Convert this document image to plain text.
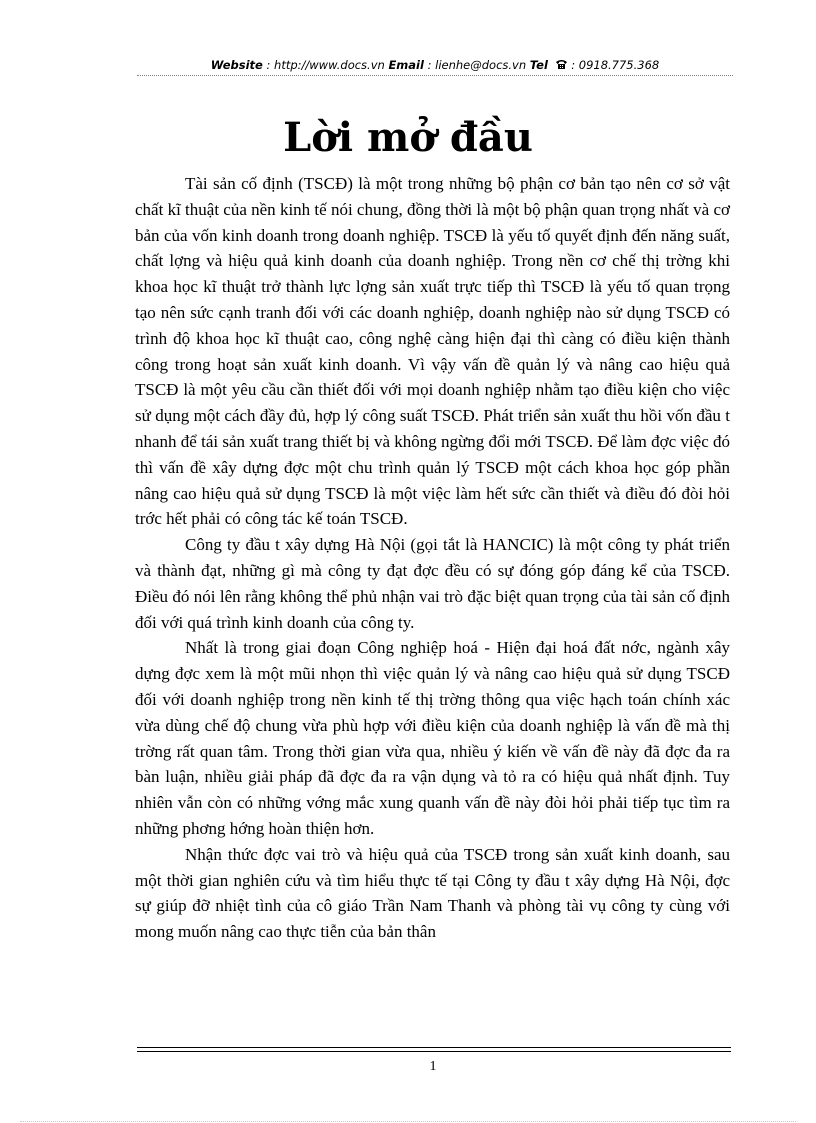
Website : http://www.docs.vn Email : lienhe@docs.vn Tel  : 0918.775.368
Lời mở đầu

Tài sản cố định (TSCĐ) là một trong những bộ phận cơ bản tạo nên cơ sở vật chất kĩ thuật của nền kinh tế nói chung, đồng thời là một bộ phận quan trọng nhất và cơ bản của vốn kinh doanh trong doanh nghiệp. TSCĐ là yếu tố quyết định đến năng suất, chất lợng và hiệu quả kinh doanh của doanh nghiệp. Trong nền cơ chế thị trờng khi khoa học kĩ thuật trở thành lực lợng sản xuất trực tiếp thì TSCĐ là yếu tố quan trọng tạo nên sức cạnh tranh đối với các doanh nghiệp, doanh nghiệp nào sử dụng TSCĐ có trình độ khoa học kĩ thuật cao, công nghệ càng hiện đại thì càng có điều kiện thành công trong hoạt sản xuất kinh doanh. Vì vậy vấn đề quản lý và nâng cao hiệu quả TSCĐ là một yêu cầu cần thiết đối với mọi doanh nghiệp nhằm tạo điều kiện cho việc sử dụng một cách đầy đủ, hợp lý công suất TSCĐ. Phát triển sản xuất thu hồi vốn đầu t nhanh để tái sản xuất trang thiết bị và không ngừng đổi mới TSCĐ. Để làm đợc việc đó thì vấn đề xây dựng đợc một chu trình quản lý TSCĐ một cách khoa học góp phần nâng cao hiệu quả sử dụng TSCĐ là một việc làm hết sức cần thiết và điều đó đòi hỏi trớc hết phải có công tác kế toán TSCĐ.

Công ty đầu t xây dựng Hà Nội (gọi tắt là HANCIC) là một công ty phát triển và thành đạt, những gì mà công ty đạt đợc đều có sự đóng góp đáng kể của TSCĐ. Điều đó nói lên rằng không thể phủ nhận vai trò đặc biệt quan trọng của tài sản cố định đối với quá trình kinh doanh của công ty.

Nhất là trong giai đoạn Công nghiệp hoá - Hiện đại hoá đất nớc, ngành xây dựng đợc xem là một mũi nhọn thì việc quản lý và nâng cao hiệu quả sử dụng TSCĐ đối với doanh nghiệp trong nền kinh tế thị trờng thông qua việc hạch toán chính xác vừa dùng chế độ chung vừa phù hợp với điều kiện của doanh nghiệp là vấn đề mà thị trờng rất quan tâm. Trong thời gian vừa qua, nhiều ý kiến về vấn đề này đã đợc đa ra bàn luận, nhiều giải pháp đã đợc đa ra vận dụng và tỏ ra có hiệu quả nhất định. Tuy nhiên vẫn còn có những vớng mắc xung quanh vấn đề này đòi hỏi phải tiếp tục tìm ra những phơng hớng hoàn thiện hơn.

Nhận thức đợc vai trò và hiệu quả của TSCĐ trong sản xuất kinh doanh, sau một thời gian nghiên cứu và tìm hiểu thực tế tại Công ty đầu t xây dựng Hà Nội, đợc sự giúp đỡ nhiệt tình của cô giáo Trần Nam Thanh và phòng tài vụ công ty cùng với mong muốn nâng cao thực tiễn của bản thân

1
